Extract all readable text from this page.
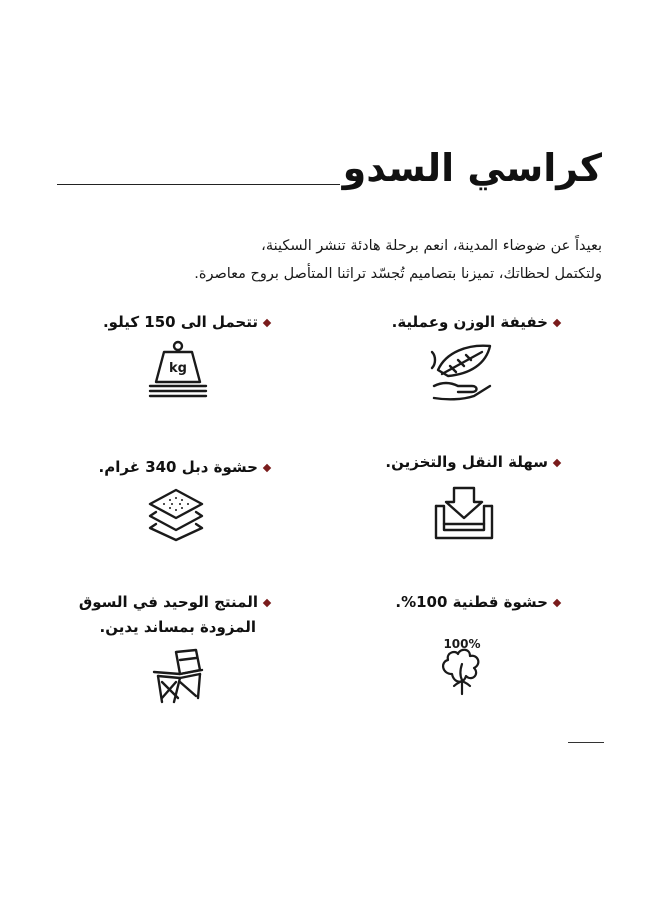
كراسي السدو

بعيداً عن ضوضاء المدينة، انعم برحلة هادئة تنشر السكينة،

ولتكتمل لحظاتك، تميزنا بتصاميم تُجسّد تراثنا المتأصل بروح معاصرة.

خفيفة الوزن وعملية.
تتحمل الى 150 كيلو.
kg
سهلة النقل والتخزين.
حشوة دبل 340 غرام.
حشوة قطنية 100%.
100%
المنتج الوحيد في السوق
المزودة بمساند يدين.
